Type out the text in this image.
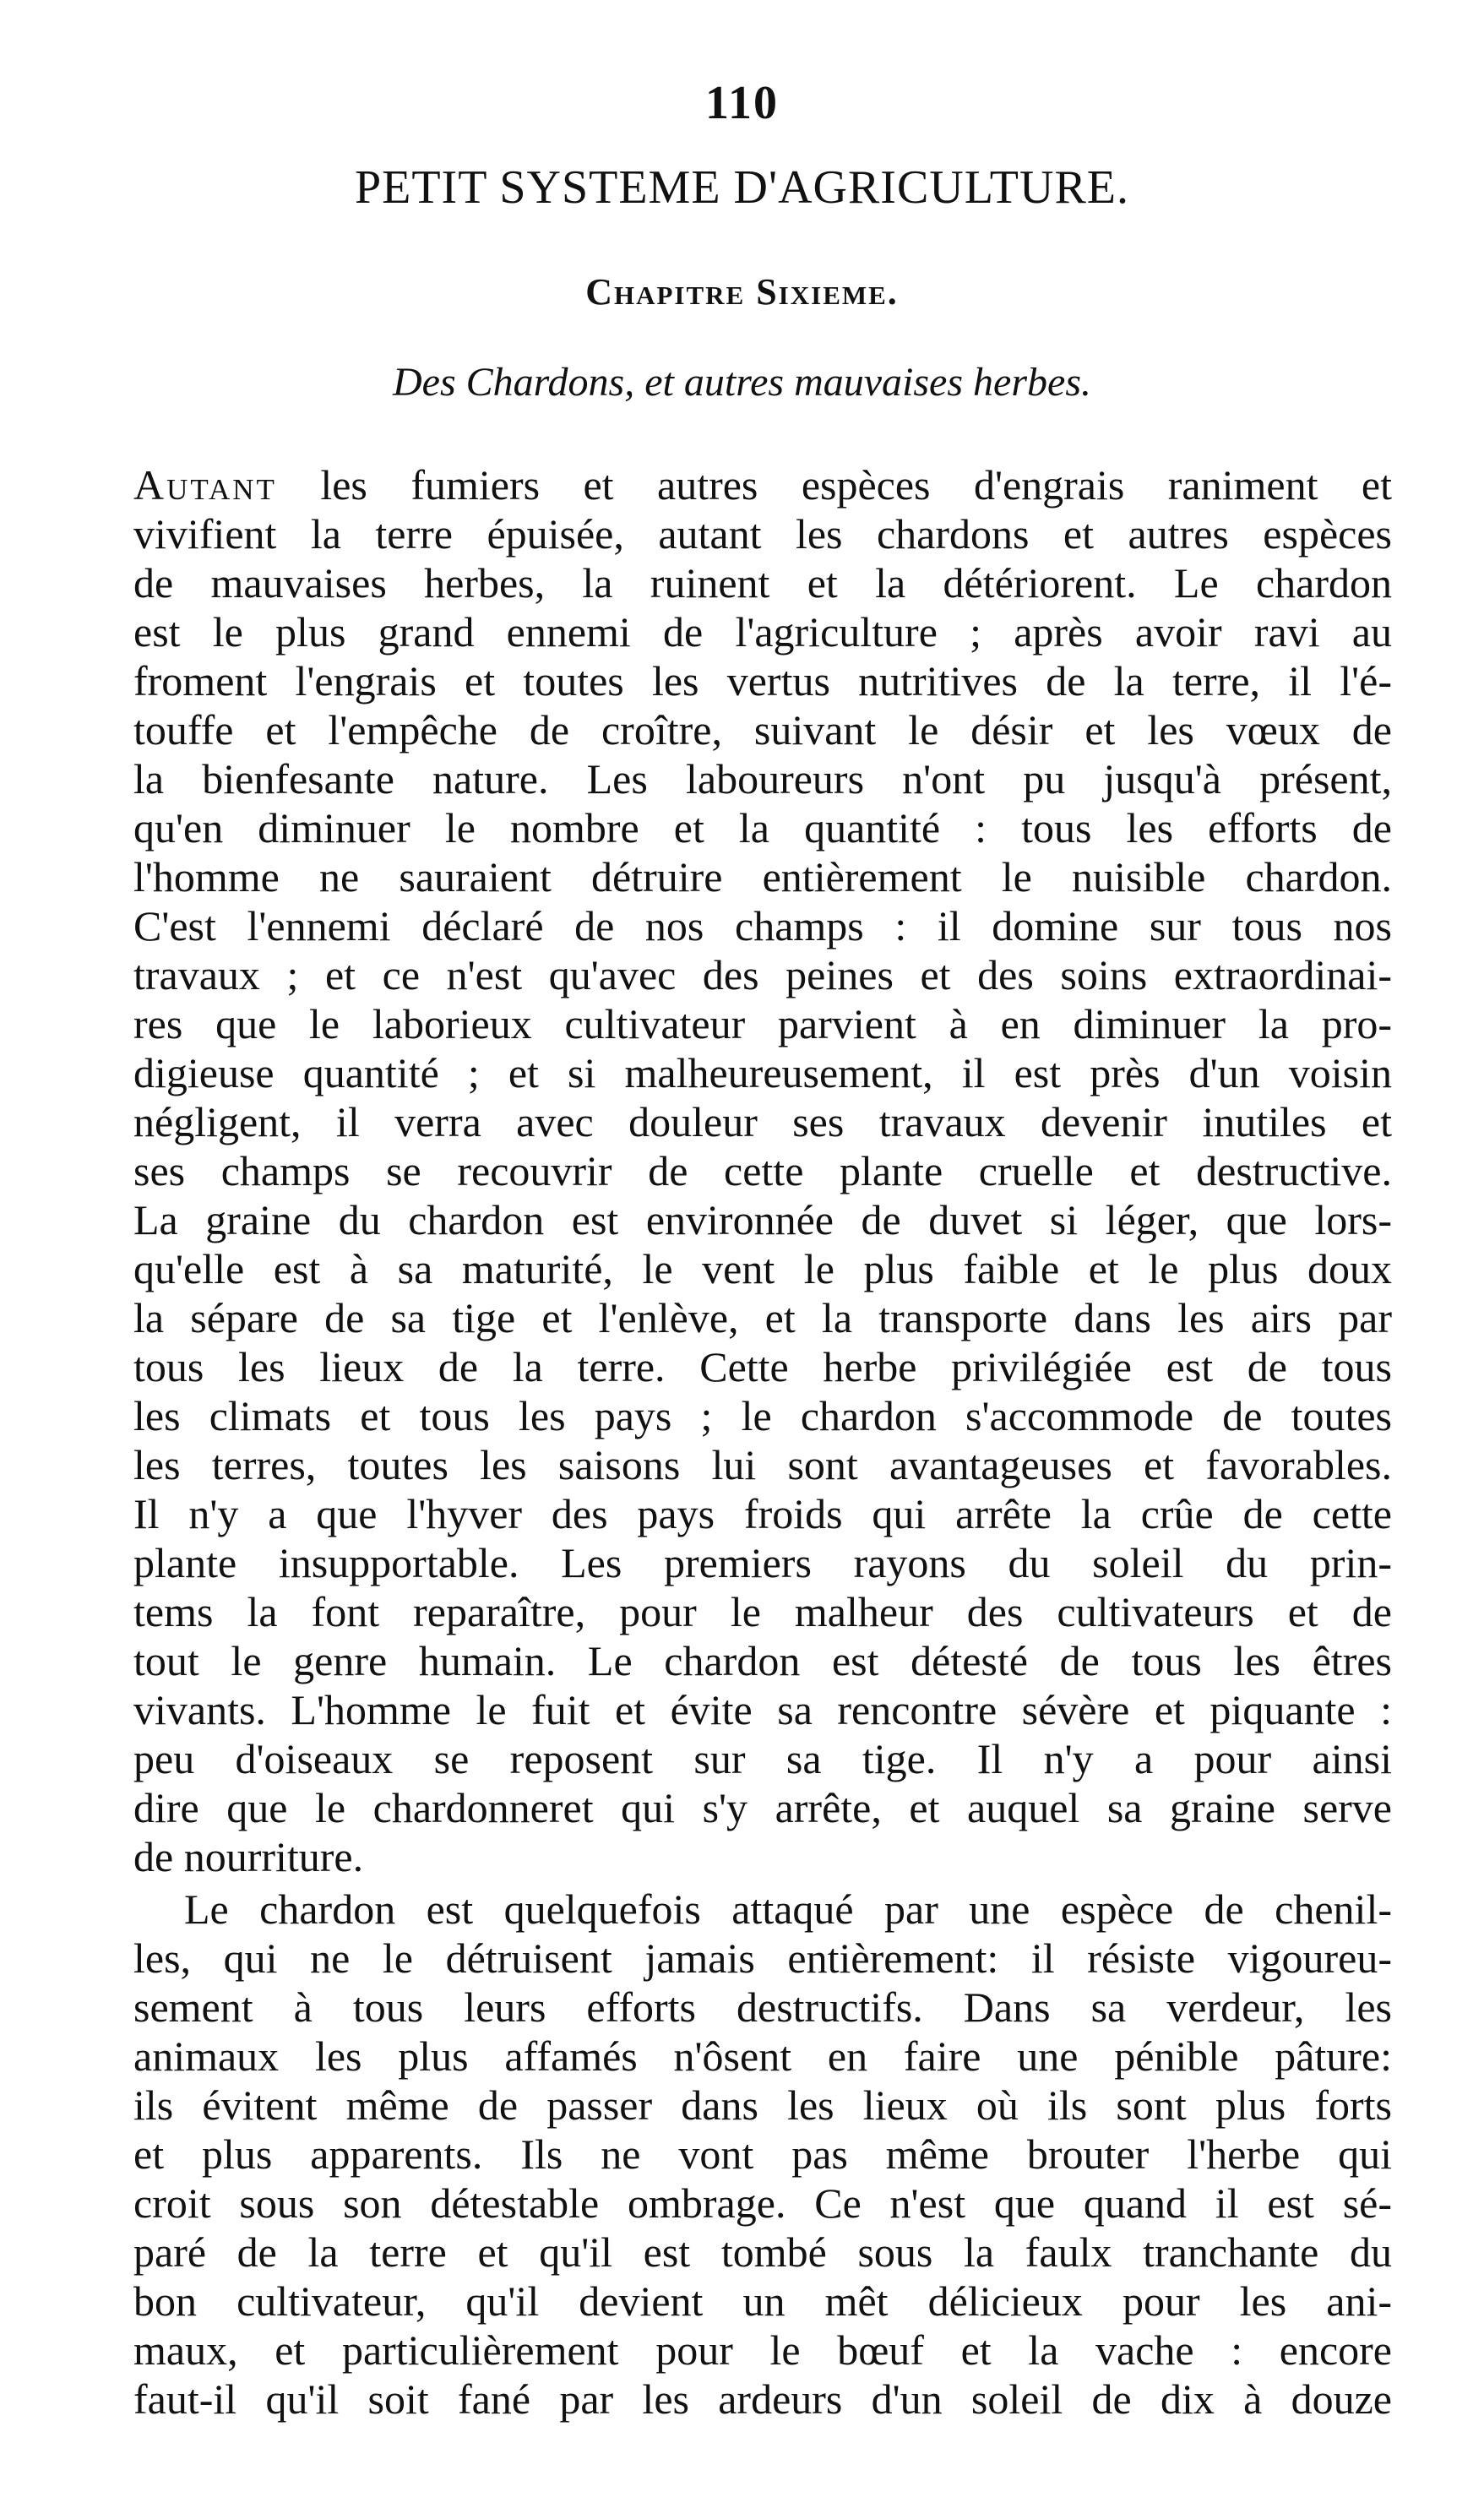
110
PETIT SYSTEME D'AGRICULTURE.
Chapitre Sixieme.
Des Chardons, et autres mauvaises herbes.
Autant les fumiers et autres espèces d'engrais raniment et
vivifient la terre épuisée, autant les chardons et autres espèces
de mauvaises herbes, la ruinent et la détériorent. Le chardon
est le plus grand ennemi de l'agriculture ; après avoir ravi au
froment l'engrais et toutes les vertus nutritives de la terre, il l'é-
touffe et l'empêche de croître, suivant le désir et les vœux de
la bienfesante nature. Les laboureurs n'ont pu jusqu'à présent,
qu'en diminuer le nombre et la quantité : tous les efforts de
l'homme ne sauraient détruire entièrement le nuisible chardon.
C'est l'ennemi déclaré de nos champs : il domine sur tous nos
travaux ; et ce n'est qu'avec des peines et des soins extraordinai-
res que le laborieux cultivateur parvient à en diminuer la pro-
digieuse quantité ; et si malheureusement, il est près d'un voisin
négligent, il verra avec douleur ses travaux devenir inutiles et
ses champs se recouvrir de cette plante cruelle et destructive.
La graine du chardon est environnée de duvet si léger, que lors-
qu'elle est à sa maturité, le vent le plus faible et le plus doux
la sépare de sa tige et l'enlève, et la transporte dans les airs par
tous les lieux de la terre. Cette herbe privilégiée est de tous
les climats et tous les pays ; le chardon s'accommode de toutes
les terres, toutes les saisons lui sont avantageuses et favorables.
Il n'y a que l'hyver des pays froids qui arrête la crûe de cette
plante insupportable. Les premiers rayons du soleil du prin-
tems la font reparaître, pour le malheur des cultivateurs et de
tout le genre humain. Le chardon est détesté de tous les êtres
vivants. L'homme le fuit et évite sa rencontre sévère et piquante :
peu d'oiseaux se reposent sur sa tige. Il n'y a pour ainsi
dire que le chardonneret qui s'y arrête, et auquel sa graine serve
de nourriture.
Le chardon est quelquefois attaqué par une espèce de chenil-
les, qui ne le détruisent jamais entièrement: il résiste vigoureu-
sement à tous leurs efforts destructifs. Dans sa verdeur, les
animaux les plus affamés n'ôsent en faire une pénible pâture:
ils évitent même de passer dans les lieux où ils sont plus forts
et plus apparents. Ils ne vont pas même brouter l'herbe qui
croit sous son détestable ombrage. Ce n'est que quand il est sé-
paré de la terre et qu'il est tombé sous la faulx tranchante du
bon cultivateur, qu'il devient un mêt délicieux pour les ani-
maux, et particulièrement pour le bœuf et la vache : encore
faut-il qu'il soit fané par les ardeurs d'un soleil de dix à douze
